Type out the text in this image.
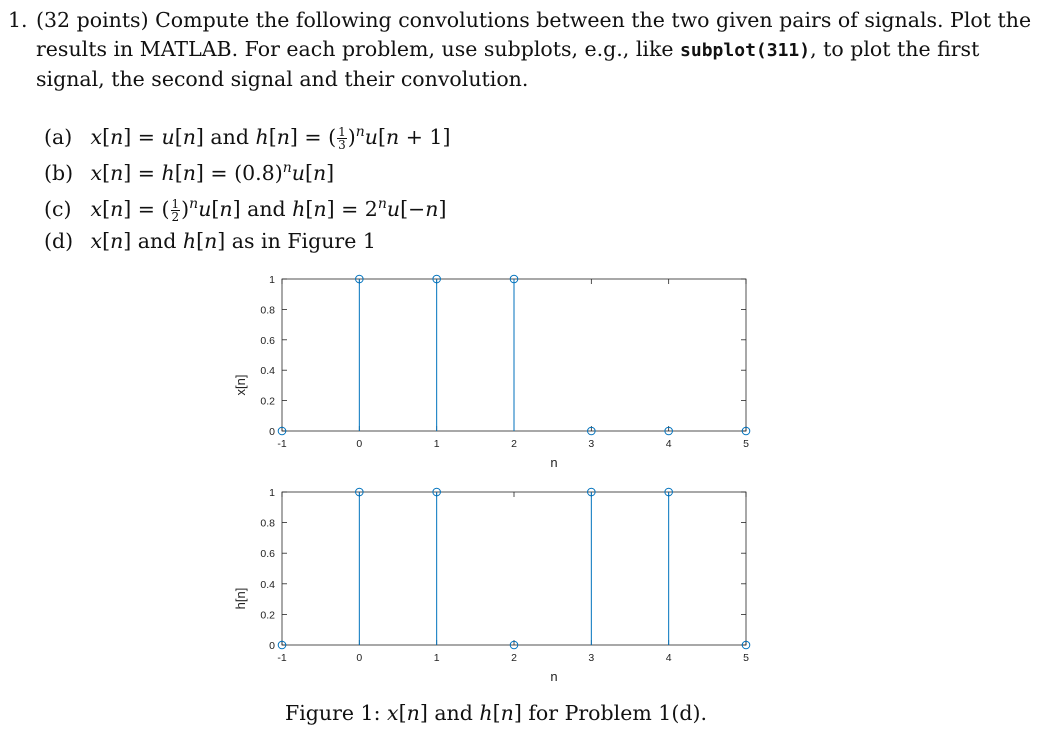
1. (32 points) Compute the following convolutions between the two given pairs of signals. Plot the results in MATLAB. For each problem, use subplots, e.g., like subplot(311), to plot the first signal, the second signal and their convolution.
(a) x[n] = u[n] and h[n] = ( $\frac{1}{3} )^nu[n + 1]$
(b) $x[n] = h[n] = (0.8)^nu[n]$
(c) x[n] = ( $\frac{1}{2} )^nu[n]$ and $h[n] = 2^nu[-n]$
(d) x[n] and h[n] as in Figure 1
-1	0	1	2	3	4	5
0
0.2
0.4
0.6
0.8
1
n
x[n]
-1	0	1	2	3	4	5
0
0.2
0.4
0.6
0.8
1
n
h[n]
Figure 1: x[n] and h[n] for Problem 1(d).
